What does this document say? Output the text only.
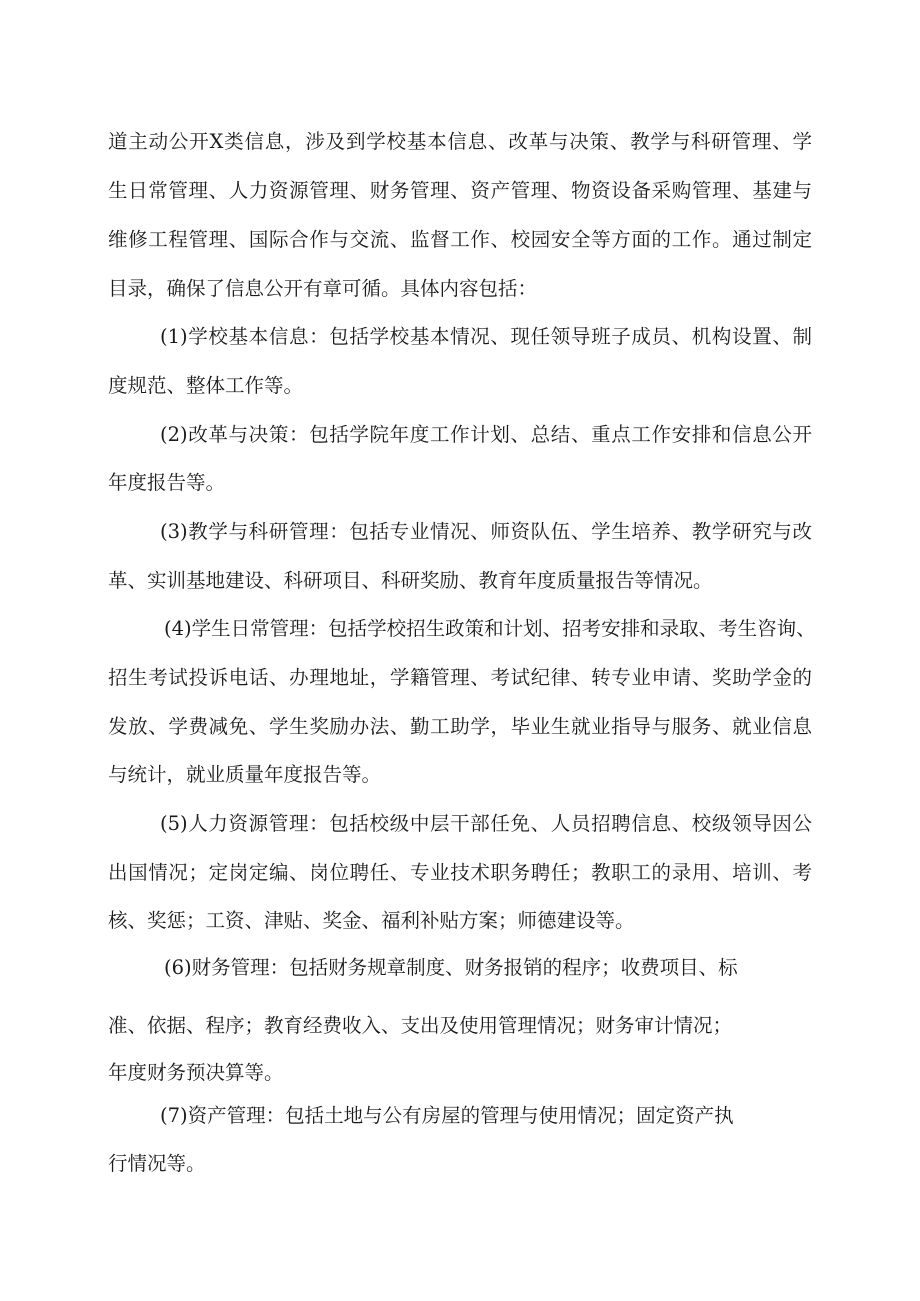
道主动公开X类信息，涉及到学校基本信息、改革与决策、教学与科研管理、学

生日常管理、人力资源管理、财务管理、资产管理、物资设备采购管理、基建与

维修工程管理、国际合作与交流、监督工作、校园安全等方面的工作。通过制定

目录，确保了信息公开有章可循。具体内容包括：

(1)学校基本信息：包括学校基本情况、现任领导班子成员、机构设置、制

度规范、整体工作等。

(2)改革与决策：包括学院年度工作计划、总结、重点工作安排和信息公开

年度报告等。

(3)教学与科研管理：包括专业情况、师资队伍、学生培养、教学研究与改

革、实训基地建设、科研项目、科研奖励、教育年度质量报告等情况。

(4)学生日常管理：包括学校招生政策和计划、招考安排和录取、考生咨询、

招生考试投诉电话、办理地址，学籍管理、考试纪律、转专业申请、奖助学金的

发放、学费减免、学生奖励办法、勤工助学，毕业生就业指导与服务、就业信息

与统计，就业质量年度报告等。

(5)人力资源管理：包括校级中层干部任免、人员招聘信息、校级领导因公

出国情况；定岗定编、岗位聘任、专业技术职务聘任；教职工的录用、培训、考

核、奖惩；工资、津贴、奖金、福利补贴方案；师德建设等。

(6)财务管理：包括财务规章制度、财务报销的程序；收费项目、标

准、依据、程序；教育经费收入、支出及使用管理情况；财务审计情况；

年度财务预决算等。

(7)资产管理：包括土地与公有房屋的管理与使用情况；固定资产执

行情况等。
